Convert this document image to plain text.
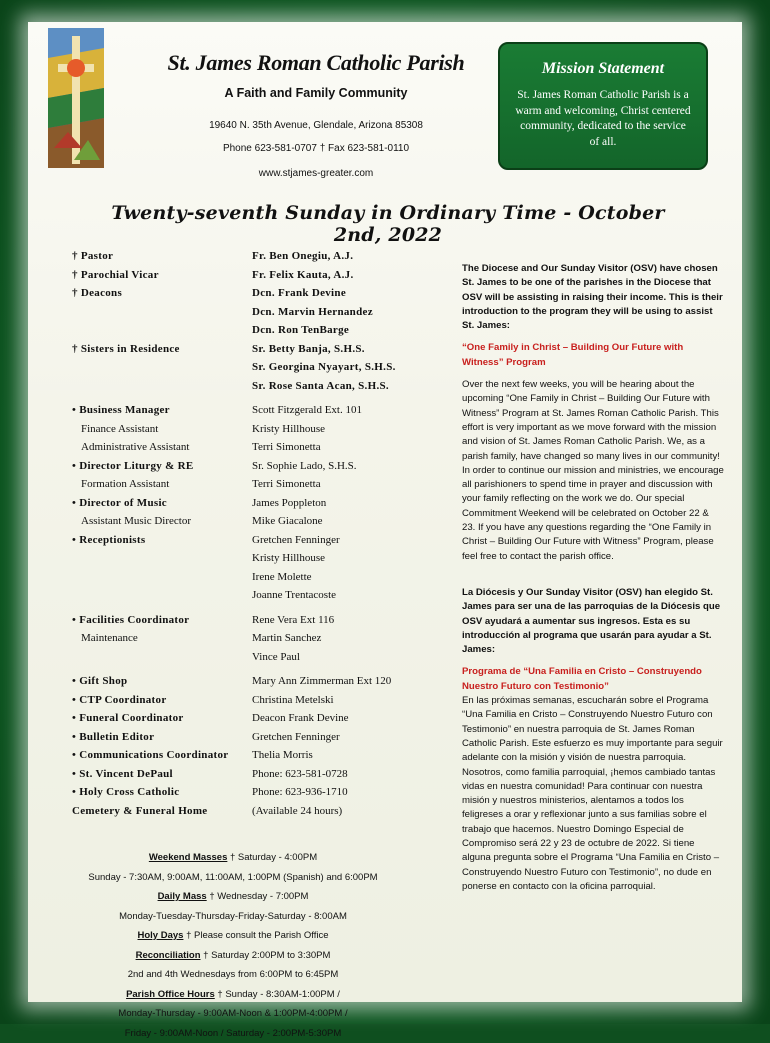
St. James Roman Catholic Parish
A Faith and Family Community
19640 N. 35th Avenue, Glendale, Arizona 85308
Phone 623-581-0707 † Fax 623-581-0110
www.stjames-greater.com
Mission Statement

St. James Roman Catholic Parish is a warm and welcoming, Christ centered community, dedicated to the service of all.

Twenty-seventh Sunday in Ordinary Time - October 2nd, 2022
† Pastor	Fr. Ben Onegiu, A.J.
† Parochial Vicar	Fr. Felix Kauta, A.J.
† Deacons	Dcn. Frank Devine
Dcn. Marvin Hernandez
Dcn. Ron TenBarge
† Sisters in Residence	Sr. Betty Banja, S.H.S.
Sr. Georgina Nyayart, S.H.S.
Sr. Rose Santa Acan, S.H.S.
• Business Manager	Scott Fitzgerald Ext. 101
Finance Assistant	Kristy Hillhouse
Administrative Assistant	Terri Simonetta
• Director Liturgy & RE	Sr. Sophie Lado, S.H.S.
Formation Assistant	Terri Simonetta
• Director of Music	James Poppleton
Assistant Music Director	Mike Giacalone
• Receptionists	Gretchen Fenninger
Kristy Hillhouse
Irene Molette
Joanne Trentacoste
• Facilities Coordinator	Rene Vera Ext 116
Maintenance	Martin Sanchez
Vince Paul
• Gift Shop	Mary Ann Zimmerman Ext 120
• CTP Coordinator	Christina Metelski
• Funeral Coordinator	Deacon Frank Devine
• Bulletin Editor	Gretchen Fenninger
• Communications Coordinator	Thelia Morris
• St. Vincent DePaul	Phone: 623-581-0728
• Holy Cross Catholic	Phone: 623-936-1710
Cemetery & Funeral Home	(Available 24 hours)
Weekend Masses † Saturday - 4:00PM
Sunday - 7:30AM, 9:00AM, 11:00AM, 1:00PM (Spanish) and 6:00PM
Daily Mass † Wednesday - 7:00PM
Monday-Tuesday-Thursday-Friday-Saturday - 8:00AM
Holy Days † Please consult the Parish Office
Reconciliation † Saturday 2:00PM to 3:30PM
2nd and 4th Wednesdays from 6:00PM to 6:45PM
Parish Office Hours † Sunday - 8:30AM-1:00PM /
Monday-Thursday - 9:00AM-Noon & 1:00PM-4:00PM /
Friday - 9:00AM-Noon / Saturday - 2:00PM-5:30PM

The Diocese and Our Sunday Visitor (OSV) have chosen St. James to be one of the parishes in the Diocese that OSV will be assisting in raising their income. This is their introduction to the program they will be using to assist St. James:

“One Family in Christ – Building Our Future with Witness” Program

Over the next few weeks, you will be hearing about the upcoming “One Family in Christ – Building Our Future with Witness” Program at St. James Roman Catholic Parish. This effort is very important as we move forward with the mission and vision of St. James Roman Catholic Parish. We, as a parish family, have changed so many lives in our community! In order to continue our mission and ministries, we encourage all parishioners to spend time in prayer and discussion with your family reflecting on the work we do. Our special Commitment Weekend will be celebrated on October 22 & 23. If you have any questions regarding the “One Family in Christ – Building Our Future with Witness” Program, please feel free to contact the parish office.

La Diócesis y Our Sunday Visitor (OSV) han elegido St. James para ser una de las parroquias de la Diócesis que OSV ayudará a aumentar sus ingresos. Esta es su introducción al programa que usarán para ayudar a St. James:

Programa de “Una Familia en Cristo – Construyendo Nuestro Futuro con Testimonio”

En las próximas semanas, escucharán sobre el Programa “Una Familia en Cristo – Construyendo Nuestro Futuro con Testimonio” en nuestra parroquia de St. James Roman Catholic Parish. Este esfuerzo es muy importante para seguir adelante con la misión y visión de nuestra parroquia. Nosotros, como familia parroquial, ¡hemos cambiado tantas vidas en nuestra comunidad! Para continuar con nuestra misión y nuestros ministerios, alentamos a todos los feligreses a orar y reflexionar junto a sus familias sobre el trabajo que hacemos. Nuestro Domingo Especial de Compromiso será 22 y 23 de octubre de 2022. Si tiene alguna pregunta sobre el Programa “Una Familia en Cristo – Construyendo Nuestro Futuro con Testimonio”, no dude en ponerse en contacto con la oficina parroquial.
